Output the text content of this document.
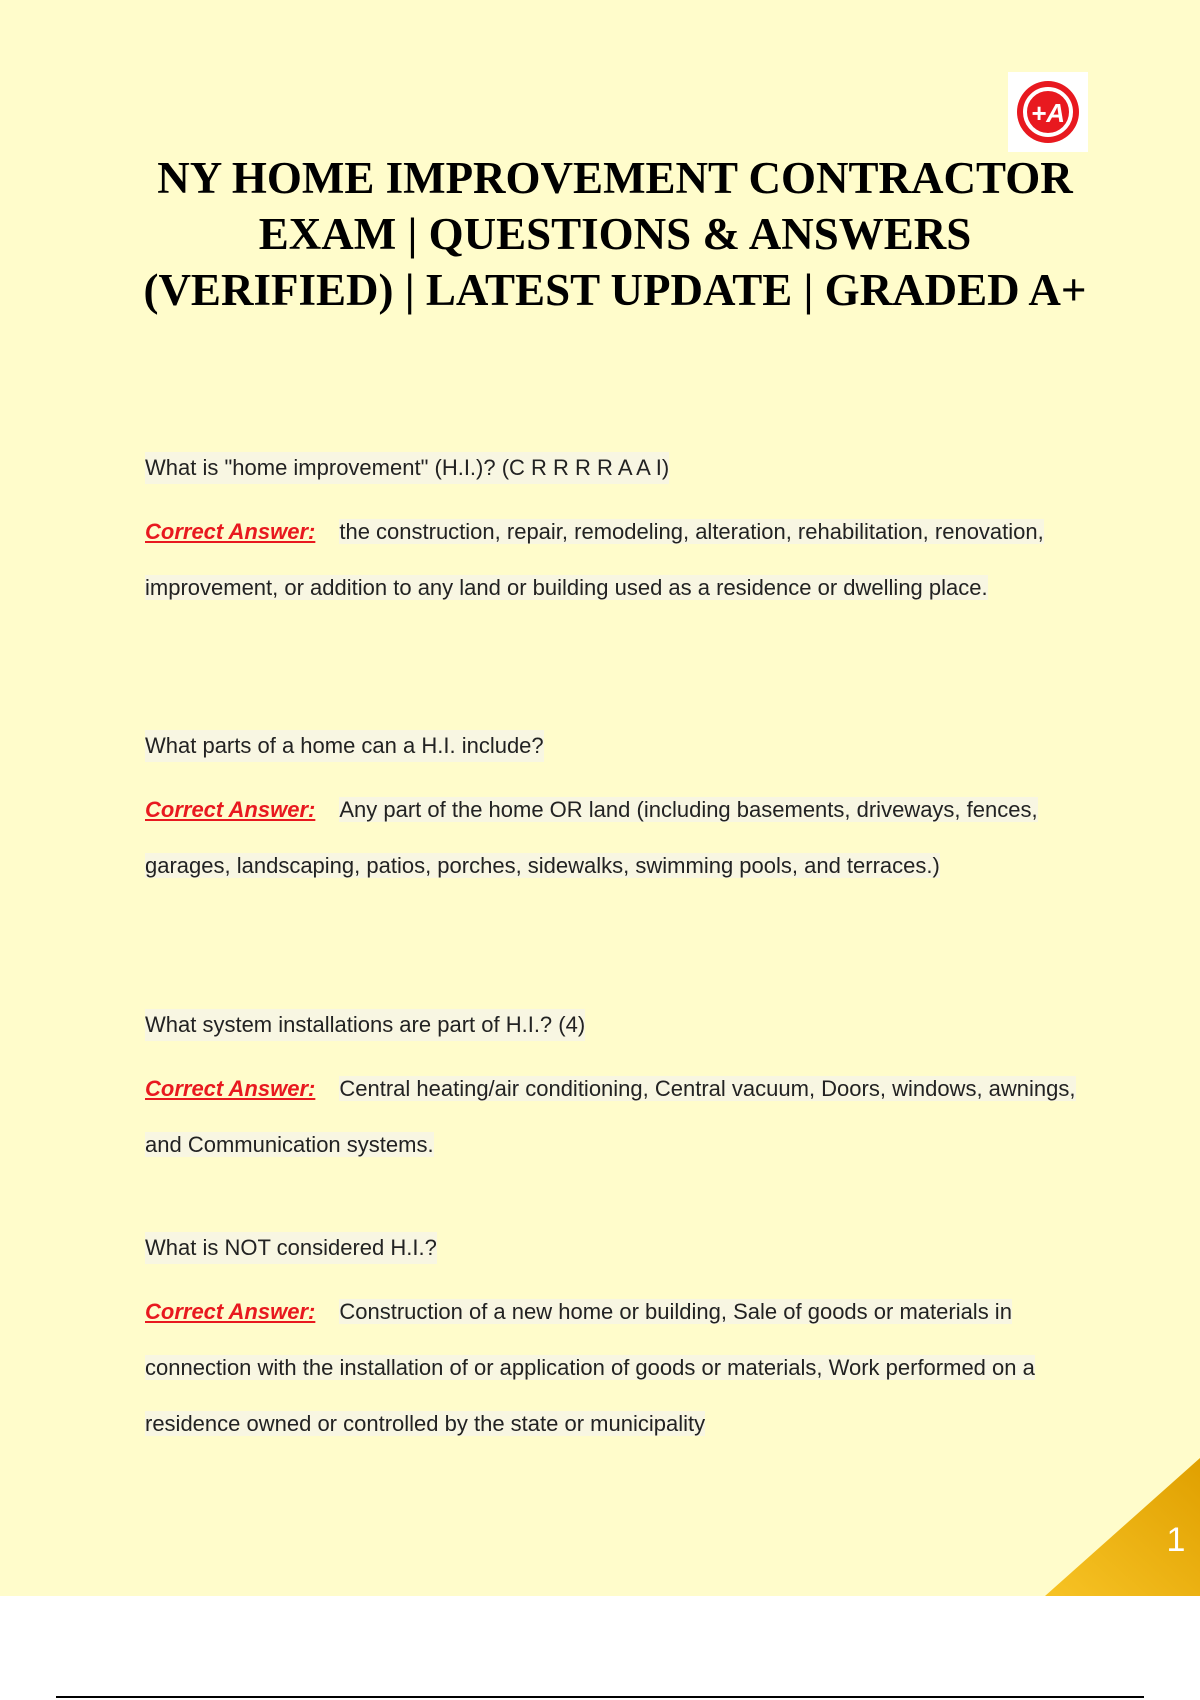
+A
NY HOME IMPROVEMENT CONTRACTOR EXAM | QUESTIONS & ANSWERS (VERIFIED) | LATEST UPDATE | GRADED A+

What is "home improvement" (H.I.)? (C R R R R A A I)

Correct Answer: the construction, repair, remodeling, alteration, rehabilitation, renovation, improvement, or addition to any land or building used as a residence or dwelling place.

What parts of a home can a H.I. include?

Correct Answer: Any part of the home OR land (including basements, driveways, fences, garages, landscaping, patios, porches, sidewalks, swimming pools, and terraces.)

What system installations are part of H.I.? (4)

Correct Answer: Central heating/air conditioning, Central vacuum, Doors, windows, awnings, and Communication systems.

What is NOT considered H.I.?

Correct Answer: Construction of a new home or building, Sale of goods or materials in connection with the installation of or application of goods or materials, Work performed on a residence owned or controlled by the state or municipality

1
